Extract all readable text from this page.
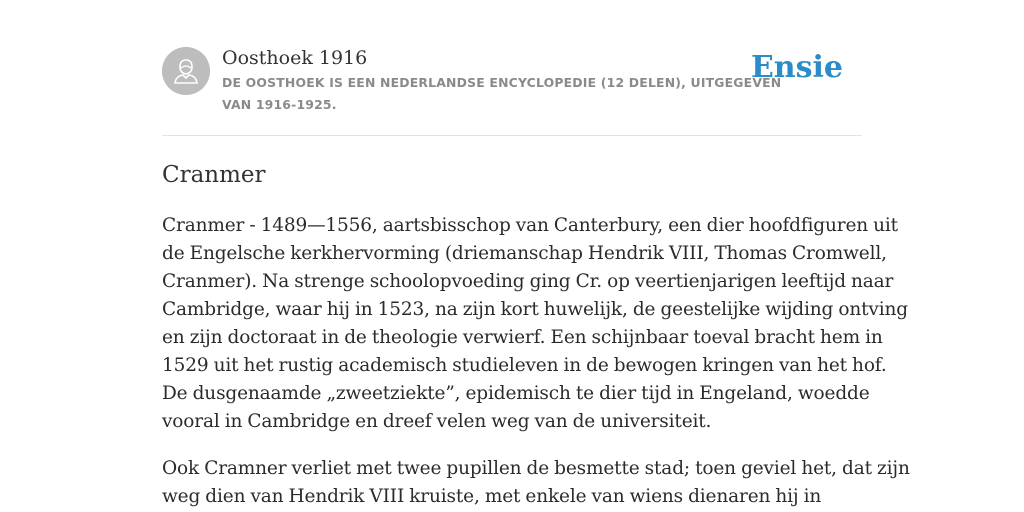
Oosthoek 1916
DE OOSTHOEK IS EEN NEDERLANDSE ENCYCLOPEDIE (12 DELEN), UITGEGEVEN
VAN 1916-1925.
Ensie
Cranmer

Cranmer - 1489—1556, aartsbisschop van Canterbury, een dier hoofdfiguren uit
de Engelsche kerkhervorming (driemanschap Hendrik VIII, Thomas Cromwell,
Cranmer). Na strenge schoolopvoeding ging Cr. op veertienjarigen leeftijd naar
Cambridge, waar hij in 1523, na zijn kort huwelijk, de geestelijke wijding ontving
en zijn doctoraat in de theologie verwierf. Een schijnbaar toeval bracht hem in
1529 uit het rustig academisch studieleven in de bewogen kringen van het hof.
De dusgenaamde „zweetziekte”, epidemisch te dier tijd in Engeland, woedde
vooral in Cambridge en dreef velen weg van de universiteit.

Ook Cramner verliet met twee pupillen de besmette stad; toen geviel het, dat zijn
weg dien van Hendrik VIII kruiste, met enkele van wiens dienaren hij in
